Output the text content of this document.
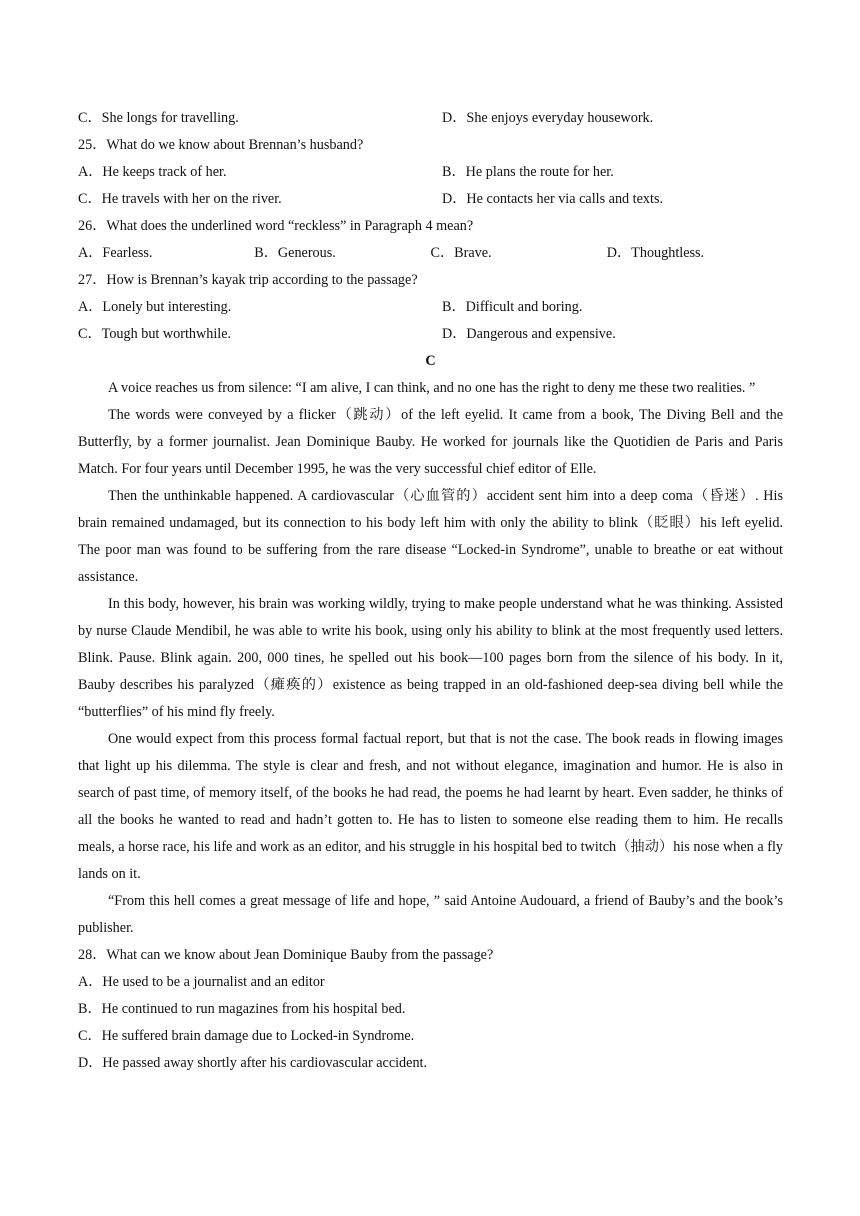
C．She longs for travelling.	D．She enjoys everyday housework.
25．What do we know about Brennan’s husband?
A．He keeps track of her.	B．He plans the route for her.
C．He travels with her on the river.	D．He contacts her via calls and texts.
26．What does the underlined word “reckless” in Paragraph 4 mean?
A．Fearless.	B．Generous.	C．Brave.	D．Thoughtless.
27．How is Brennan’s kayak trip according to the passage?
A．Lonely but interesting.	B．Difficult and boring.
C．Tough but worthwhile.	D．Dangerous and expensive.
C

A voice reaches us from silence: “I am alive, I can think, and no one has the right to deny me these two realities. ”

The words were conveyed by a flicker（跳动）of the left eyelid. It came from a book, The Diving Bell and the Butterfly, by a former journalist. Jean Dominique Bauby. He worked for journals like the Quotidien de Paris and Paris Match. For four years until December 1995, he was the very successful chief editor of Elle.

Then the unthinkable happened. A cardiovascular（心血管的）accident sent him into a deep coma（昏迷）. His brain remained undamaged, but its connection to his body left him with only the ability to blink（眨眼）his left eyelid. The poor man was found to be suffering from the rare disease “Locked-in Syndrome”, unable to breathe or eat without assistance.

In this body, however, his brain was working wildly, trying to make people understand what he was thinking. Assisted by nurse Claude Mendibil, he was able to write his book, using only his ability to blink at the most frequently used letters. Blink. Pause. Blink again. 200, 000 tines, he spelled out his book—100 pages born from the silence of his body. In it, Bauby describes his paralyzed（瘫痪的）existence as being trapped in an old-fashioned deep-sea diving bell while the “butterflies” of his mind fly freely.

One would expect from this process formal factual report, but that is not the case. The book reads in flowing images that light up his dilemma. The style is clear and fresh, and not without elegance, imagination and humor. He is also in search of past time, of memory itself, of the books he had read, the poems he had learnt by heart. Even sadder, he thinks of all the books he wanted to read and hadn’t gotten to. He has to listen to someone else reading them to him. He recalls meals, a horse race, his life and work as an editor, and his struggle in his hospital bed to twitch（抽动）his nose when a fly lands on it.

“From this hell comes a great message of life and hope, ” said Antoine Audouard, a friend of Bauby’s and the book’s publisher.

28．What can we know about Jean Dominique Bauby from the passage?
A．He used to be a journalist and an editor
B．He continued to run magazines from his hospital bed.
C．He suffered brain damage due to Locked-in Syndrome.
D．He passed away shortly after his cardiovascular accident.
